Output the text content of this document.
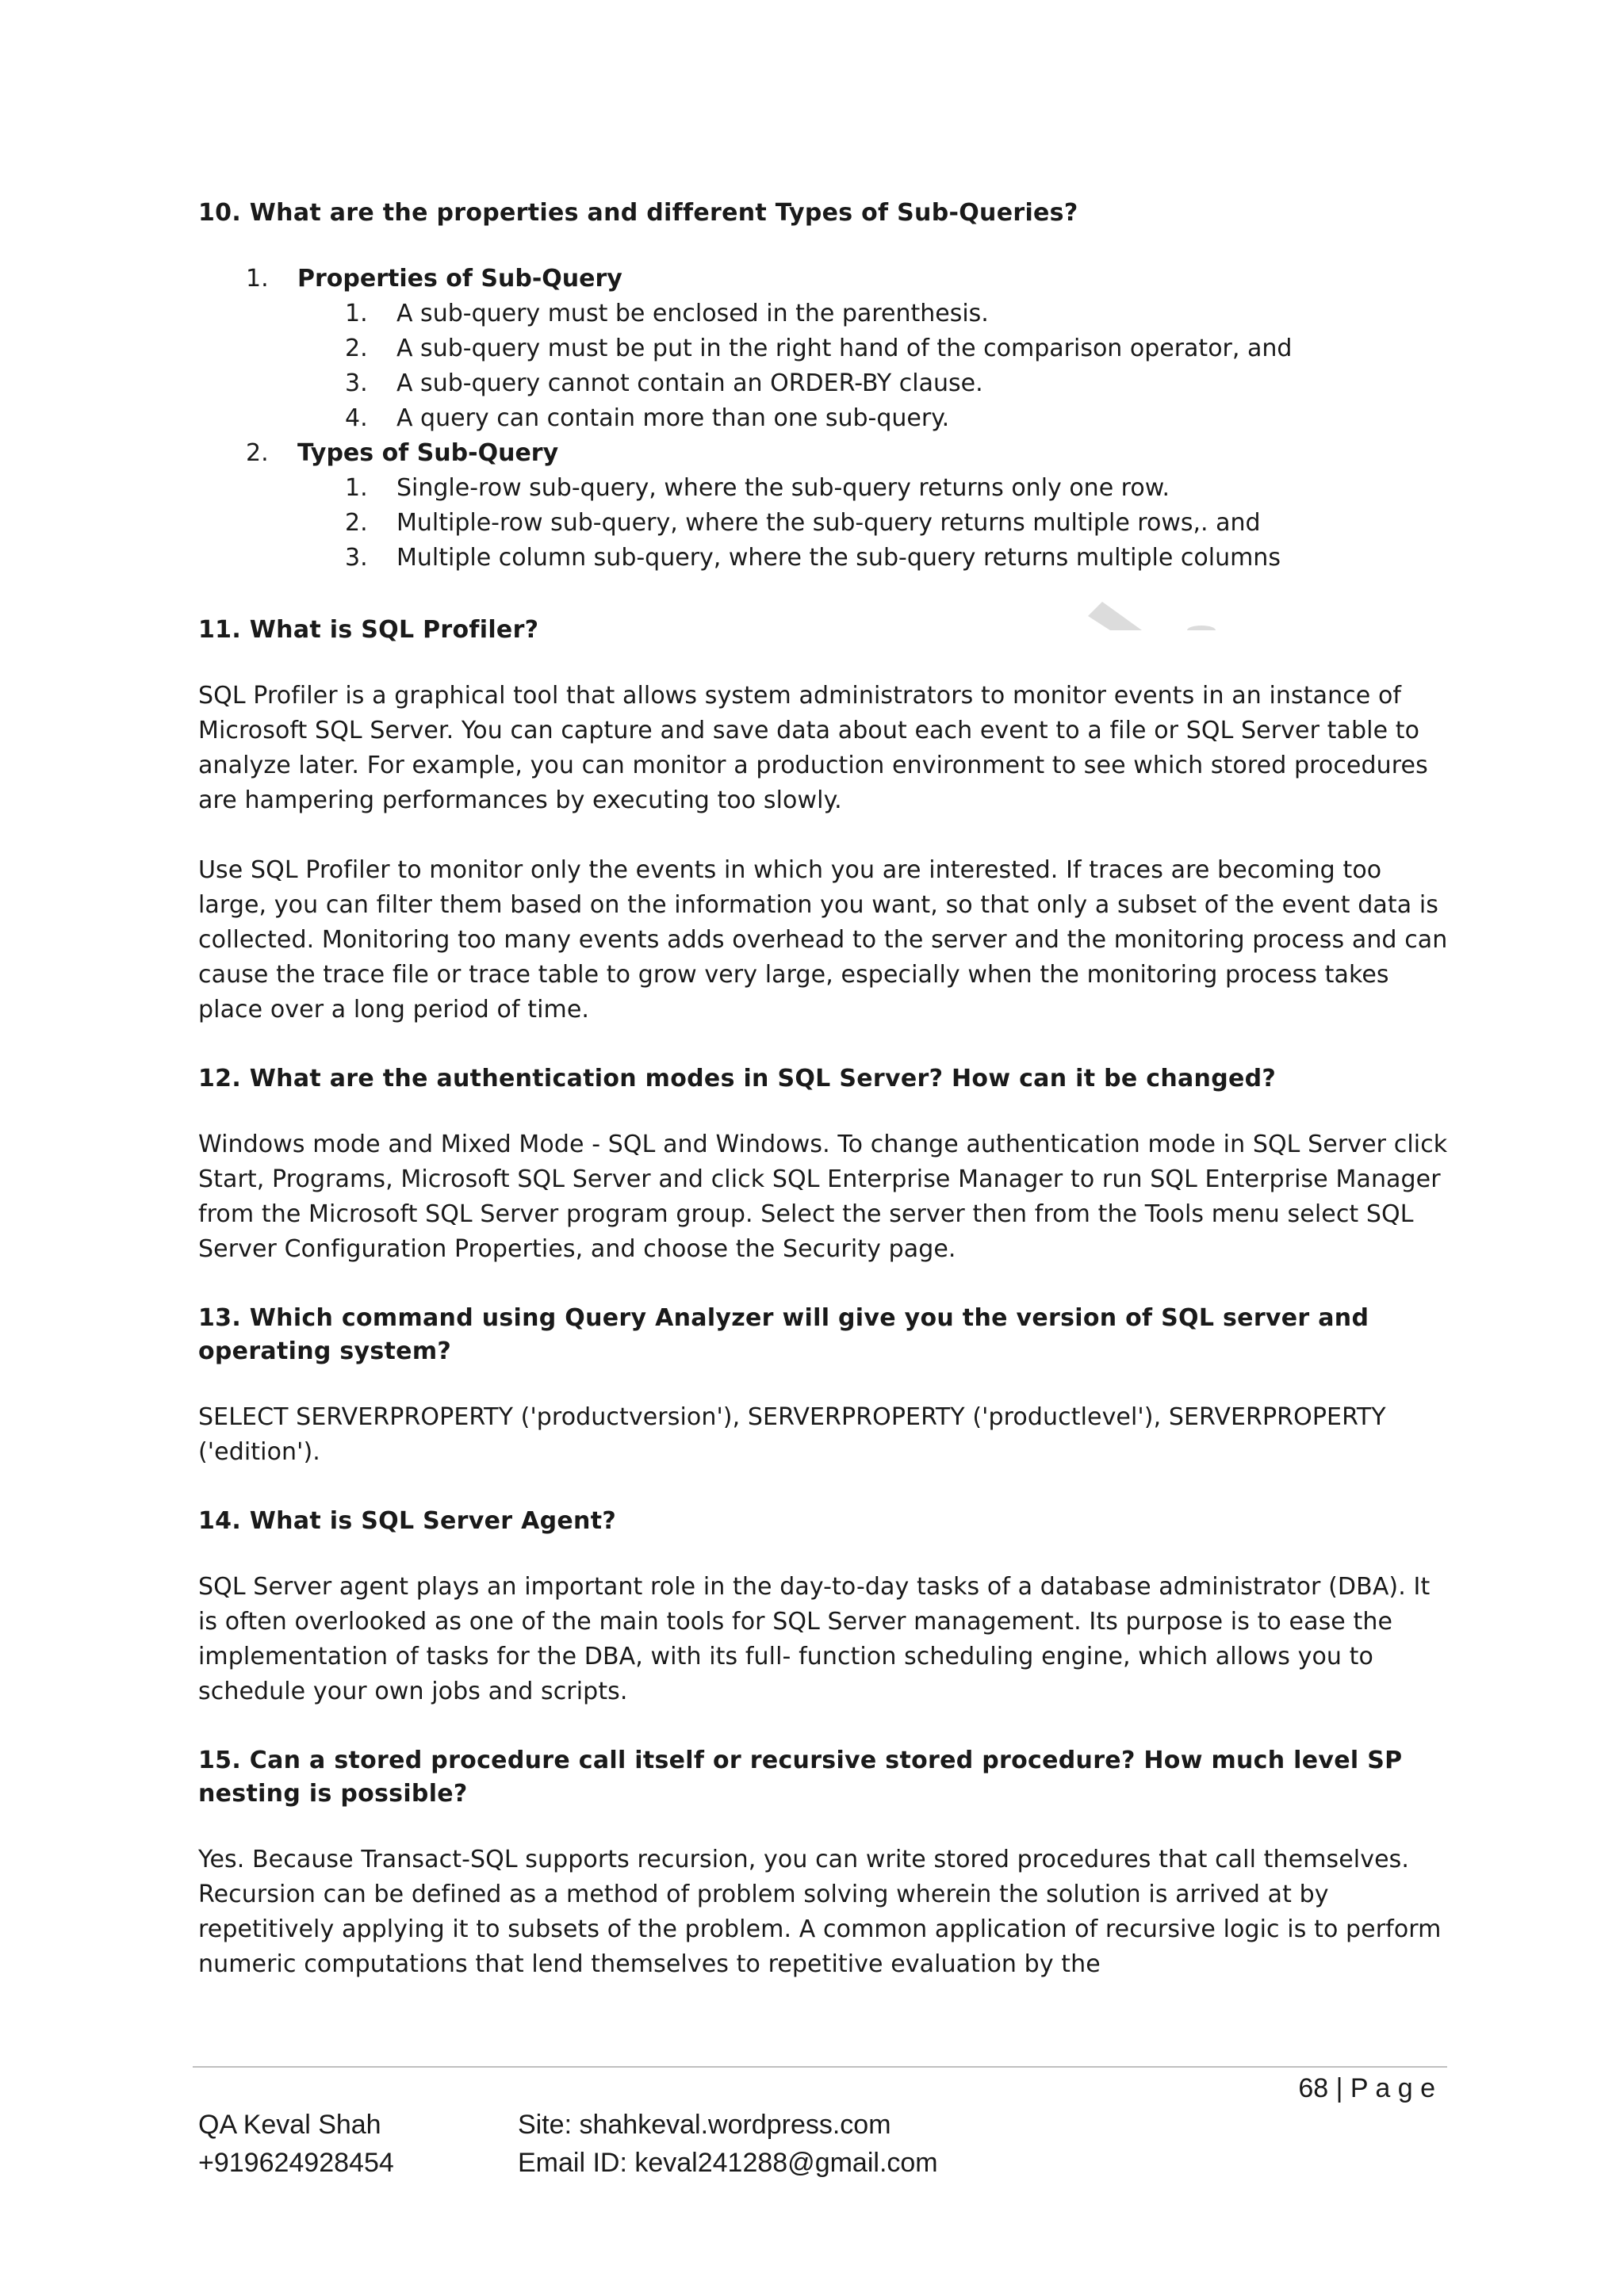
10. What are the properties and different Types of Sub-Queries?
1. Properties of Sub-Query
1. A sub-query must be enclosed in the parenthesis.
2. A sub-query must be put in the right hand of the comparison operator, and
3. A sub-query cannot contain an ORDER-BY clause.
4. A query can contain more than one sub-query.
2. Types of Sub-Query
1. Single-row sub-query, where the sub-query returns only one row.
2. Multiple-row sub-query, where the sub-query returns multiple rows,. and
3. Multiple column sub-query, where the sub-query returns multiple columns
11. What is SQL Profiler?

SQL Profiler is a graphical tool that allows system administrators to monitor events in an instance of Microsoft SQL Server. You can capture and save data about each event to a file or SQL Server table to analyze later. For example, you can monitor a production environment to see which stored procedures are hampering performances by executing too slowly.

Use SQL Profiler to monitor only the events in which you are interested. If traces are becoming too large, you can filter them based on the information you want, so that only a subset of the event data is collected. Monitoring too many events adds overhead to the server and the monitoring process and can cause the trace file or trace table to grow very large, especially when the monitoring process takes place over a long period of time.

12. What are the authentication modes in SQL Server? How can it be changed?

Windows mode and Mixed Mode - SQL and Windows. To change authentication mode in SQL Server click Start, Programs, Microsoft SQL Server and click SQL Enterprise Manager to run SQL Enterprise Manager from the Microsoft SQL Server program group. Select the server then from the Tools menu select SQL Server Configuration Properties, and choose the Security page.

13. Which command using Query Analyzer will give you the version of SQL server and operating system?

SELECT SERVERPROPERTY ('productversion'), SERVERPROPERTY ('productlevel'), SERVERPROPERTY ('edition').

14. What is SQL Server Agent?

SQL Server agent plays an important role in the day-to-day tasks of a database administrator (DBA). It is often overlooked as one of the main tools for SQL Server management. Its purpose is to ease the implementation of tasks for the DBA, with its full- function scheduling engine, which allows you to schedule your own jobs and scripts.

15. Can a stored procedure call itself or recursive stored procedure? How much level SP nesting is possible?

Yes. Because Transact-SQL supports recursion, you can write stored procedures that call themselves. Recursion can be defined as a method of problem solving wherein the solution is arrived at by repetitively applying it to subsets of the problem. A common application of recursive logic is to perform numeric computations that lend themselves to repetitive evaluation by the

68 | P a g e
QA Keval Shah
+919624928454
Site: shahkeval.wordpress.com
Email ID: keval241288@gmail.com
